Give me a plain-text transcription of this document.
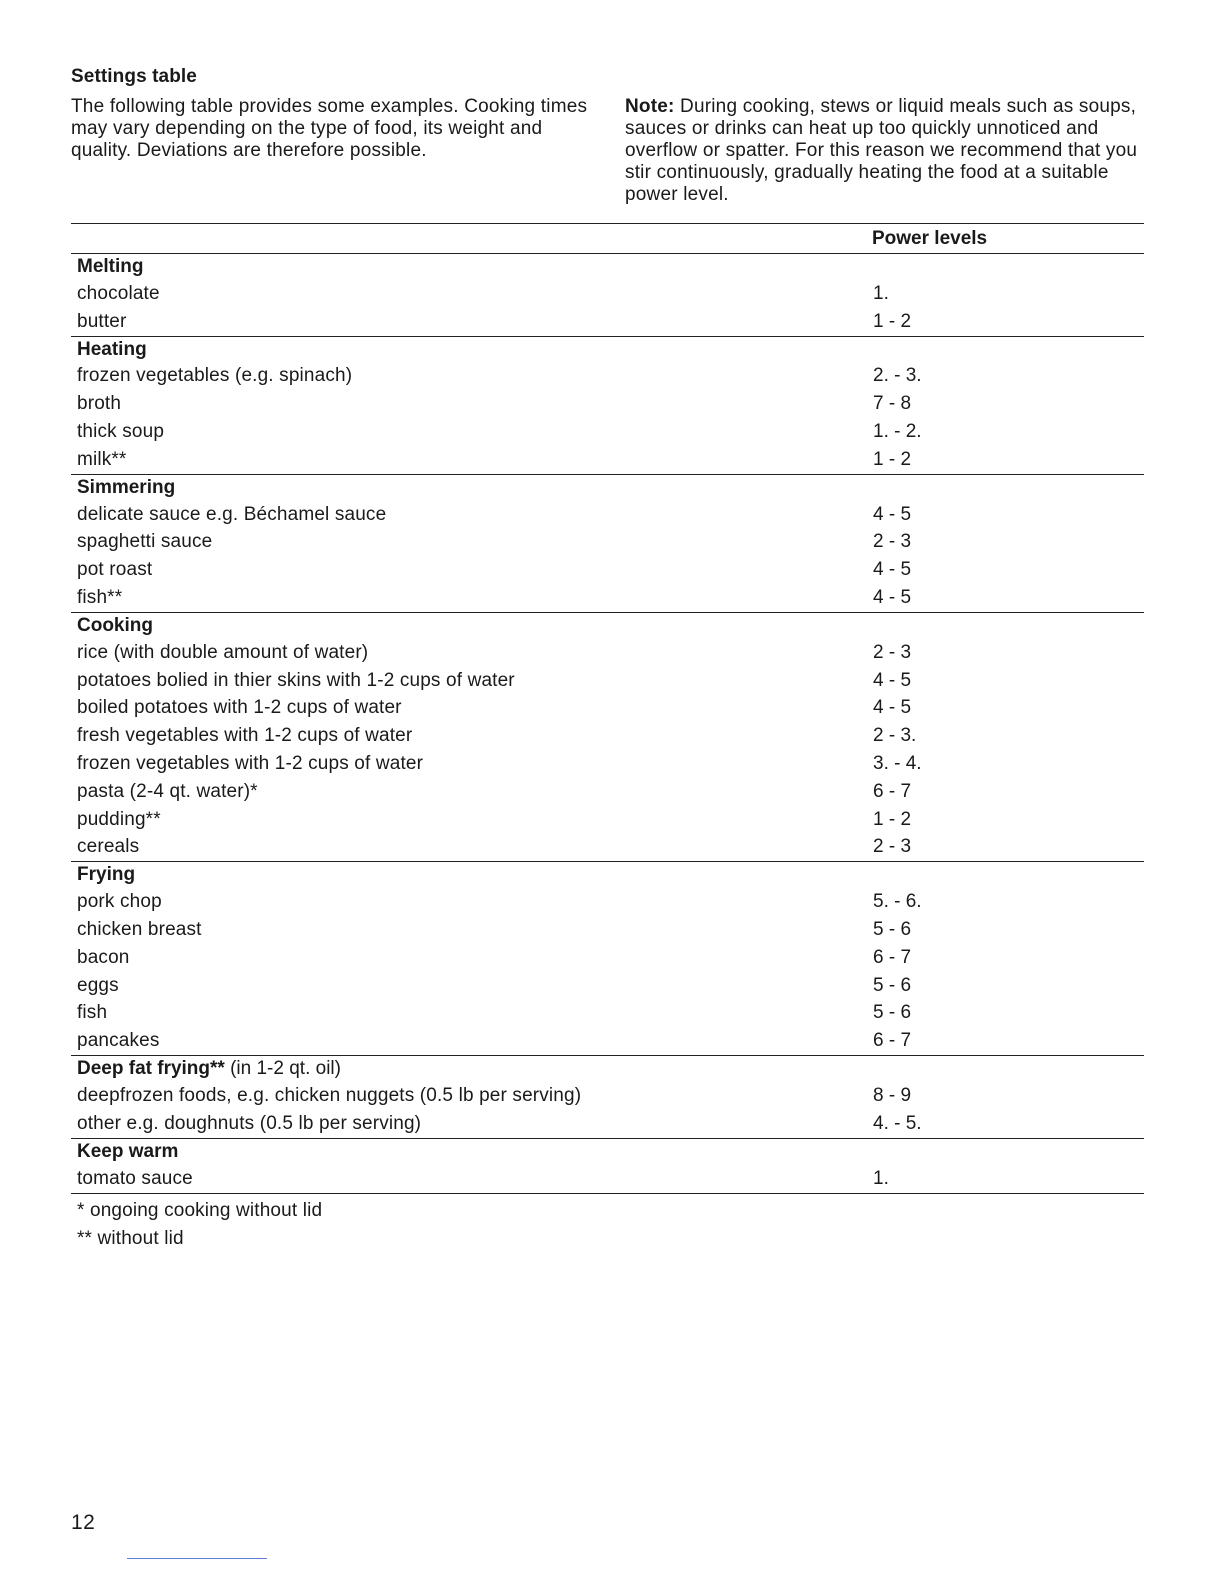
Settings table
The following table provides some examples. Cooking times may vary depending on the type of food, its weight and quality. Deviations are therefore possible.
Note: During cooking, stews or liquid meals such as soups, sauces or drinks can heat up too quickly unnoticed and overflow or spatter. For this reason we recommend that you stir continuously, gradually heating the food at a suitable power level.
	Power levels
Melting	
chocolate	1.
butter	1 - 2
Heating	
frozen vegetables (e.g. spinach)	2. - 3.
broth	7 - 8
thick soup	1. - 2.
milk**	1 - 2
Simmering	
delicate sauce e.g. Béchamel sauce	4 - 5
spaghetti sauce	2 - 3
pot roast	4 - 5
fish**	4 - 5
Cooking	
rice (with double amount of water)	2 - 3
potatoes bolied in thier skins with 1-2 cups of water	4 - 5
boiled potatoes with 1-2 cups of water	4 - 5
fresh vegetables with 1-2 cups of water	2 - 3.
frozen vegetables with 1-2 cups of water	3. - 4.
pasta (2-4 qt. water)*	6 - 7
pudding**	1 - 2
cereals	2 - 3
Frying	
pork chop	5. - 6.
chicken breast	5 - 6
bacon	6 - 7
eggs	5 - 6
fish	5 - 6
pancakes	6 - 7
Deep fat frying** (in 1-2 qt. oil)	
deepfrozen foods, e.g. chicken nuggets (0.5 lb per serving)	8 - 9
other e.g. doughnuts (0.5 lb per serving)	4. - 5.
Keep warm	
tomato sauce	1.
* ongoing cooking without lid
** without lid
12
